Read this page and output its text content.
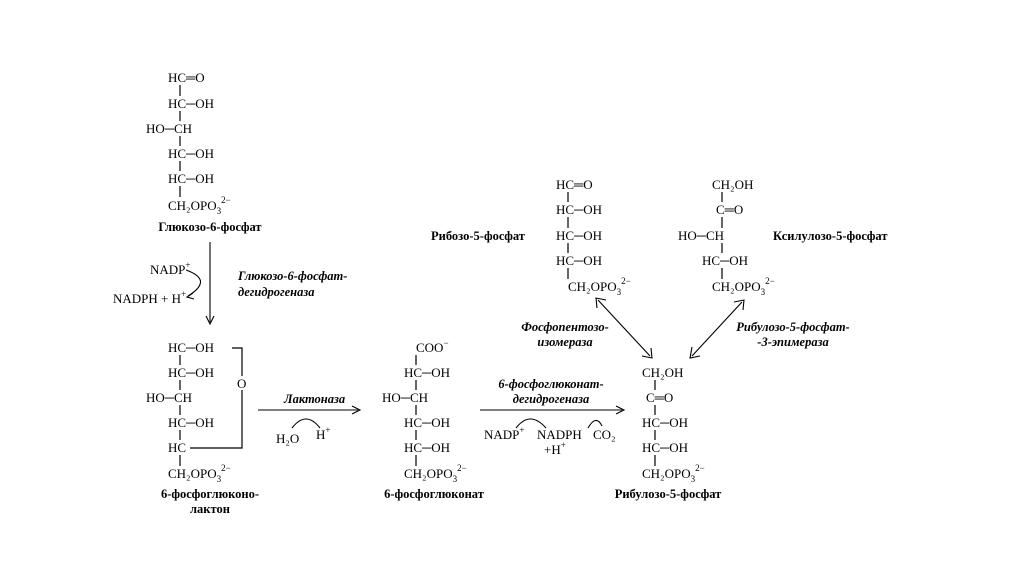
HC═O
HC─OH
HO─CH
HC─OH
HC─OH
$CH_2OPO_3^{2-}$
Глюкозо-6-фосфат
NADP+
NADPH + H+
Глюкозо-6-фосфат-
дегидрогеназа
HC─OH
HC─OH
HO─CH
HC─OH
HC
$CH_2OPO_3^{2-}$
O
6-фосфоглюконо-
лактон
Лактоназа
H₂O H+
COO−
HC─OH
HO─CH
HC─OH
HC─OH
$CH_2OPO_3^{2-}$
6-фосфоглюконат
6-фосфоглюконат-
дегидрогеназа
NADP+ NADPH
+H+
CO₂
CH₂OH
C═O
HC─OH
HC─OH
$CH_2OPO_3^{2-}$
Рибулозо-5-фосфат
HC═O
HC─OH
HC─OH
HC─OH
$CH_2OPO_3^{2-}$
Рибозо-5-фосфат
CH₂OH
C═O
HO─CH
HC─OH
$CH_2OPO_3^{2-}$
Ксилулозо-5-фосфат
Фосфопентозо-
изомераза
Рибулозо-5-фосфат-
-3-эпимераза
